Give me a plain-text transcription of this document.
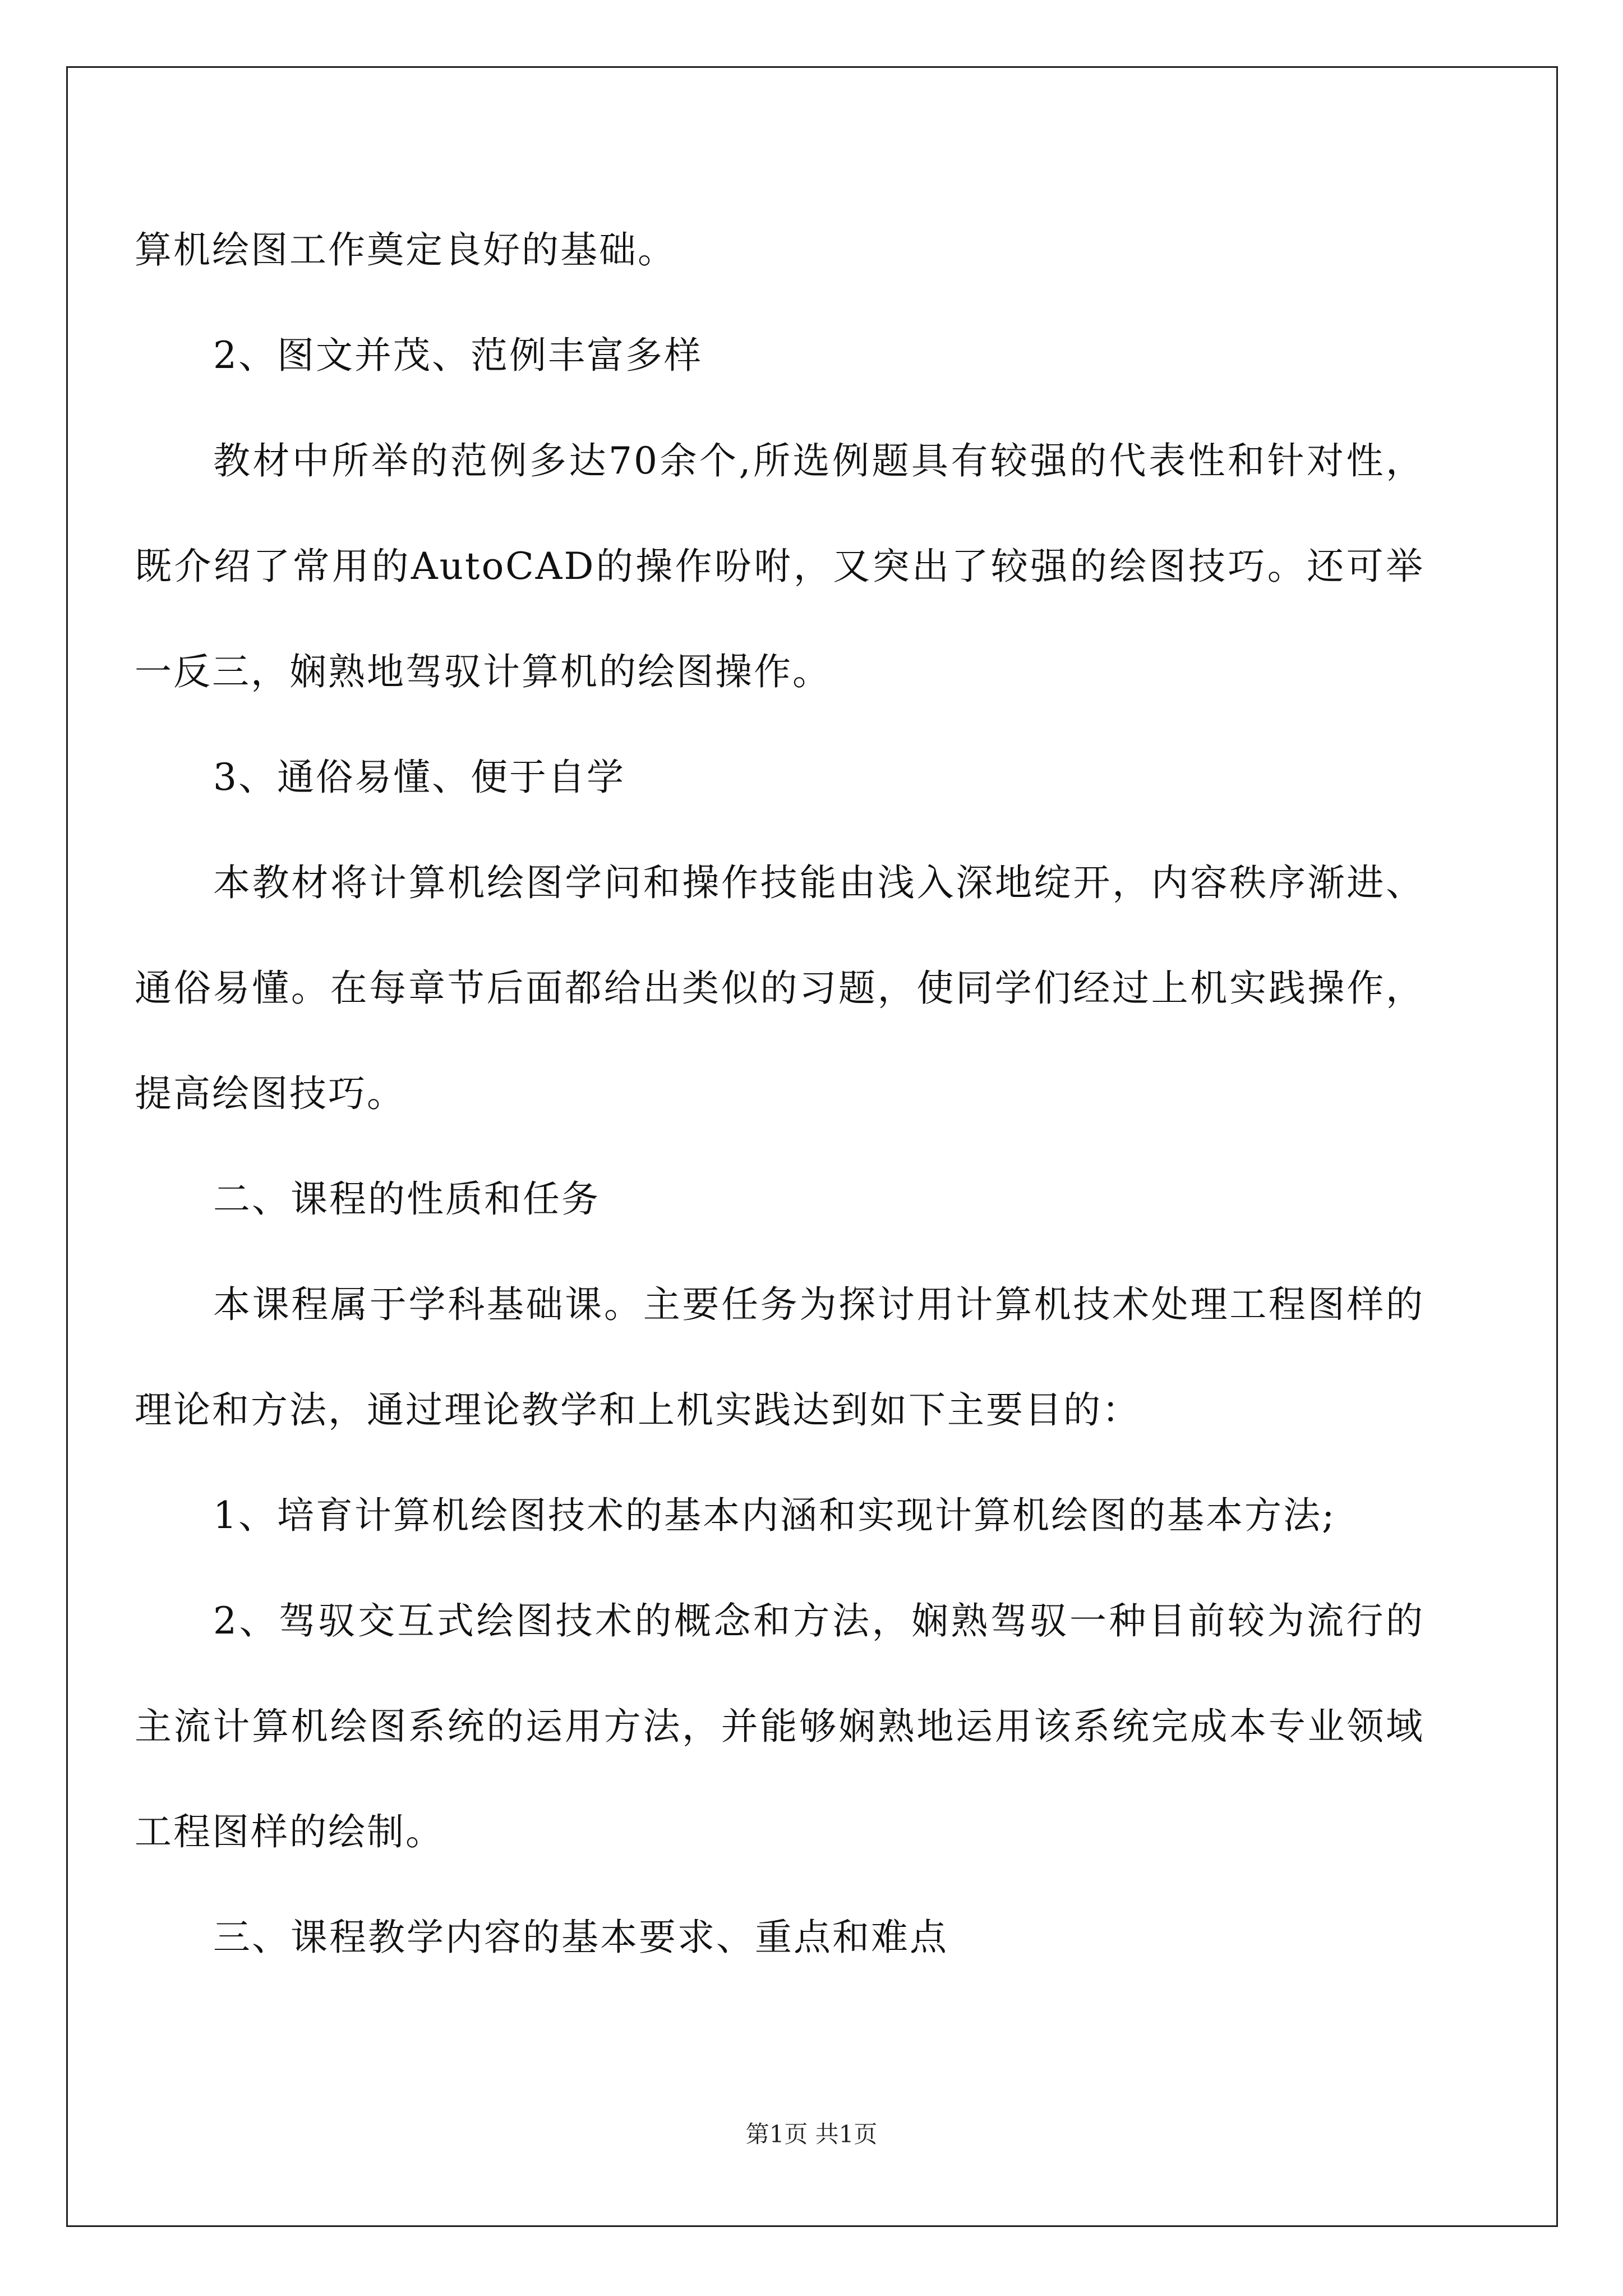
算机绘图工作奠定良好的基础。

2、图文并茂、范例丰富多样

教材中所举的范例多达70余个,所选例题具有较强的代表性和针对性，既介绍了常用的AutoCAD的操作吩咐，又突出了较强的绘图技巧。还可举一反三，娴熟地驾驭计算机的绘图操作。

3、通俗易懂、便于自学

本教材将计算机绘图学问和操作技能由浅入深地绽开，内容秩序渐进、通俗易懂。在每章节后面都给出类似的习题，使同学们经过上机实践操作，提高绘图技巧。

二、课程的性质和任务

本课程属于学科基础课。主要任务为探讨用计算机技术处理工程图样的理论和方法，通过理论教学和上机实践达到如下主要目的：

1、培育计算机绘图技术的基本内涵和实现计算机绘图的基本方法;

2、驾驭交互式绘图技术的概念和方法，娴熟驾驭一种目前较为流行的主流计算机绘图系统的运用方法，并能够娴熟地运用该系统完成本专业领域工程图样的绘制。

三、课程教学内容的基本要求、重点和难点

第1页 共1页
